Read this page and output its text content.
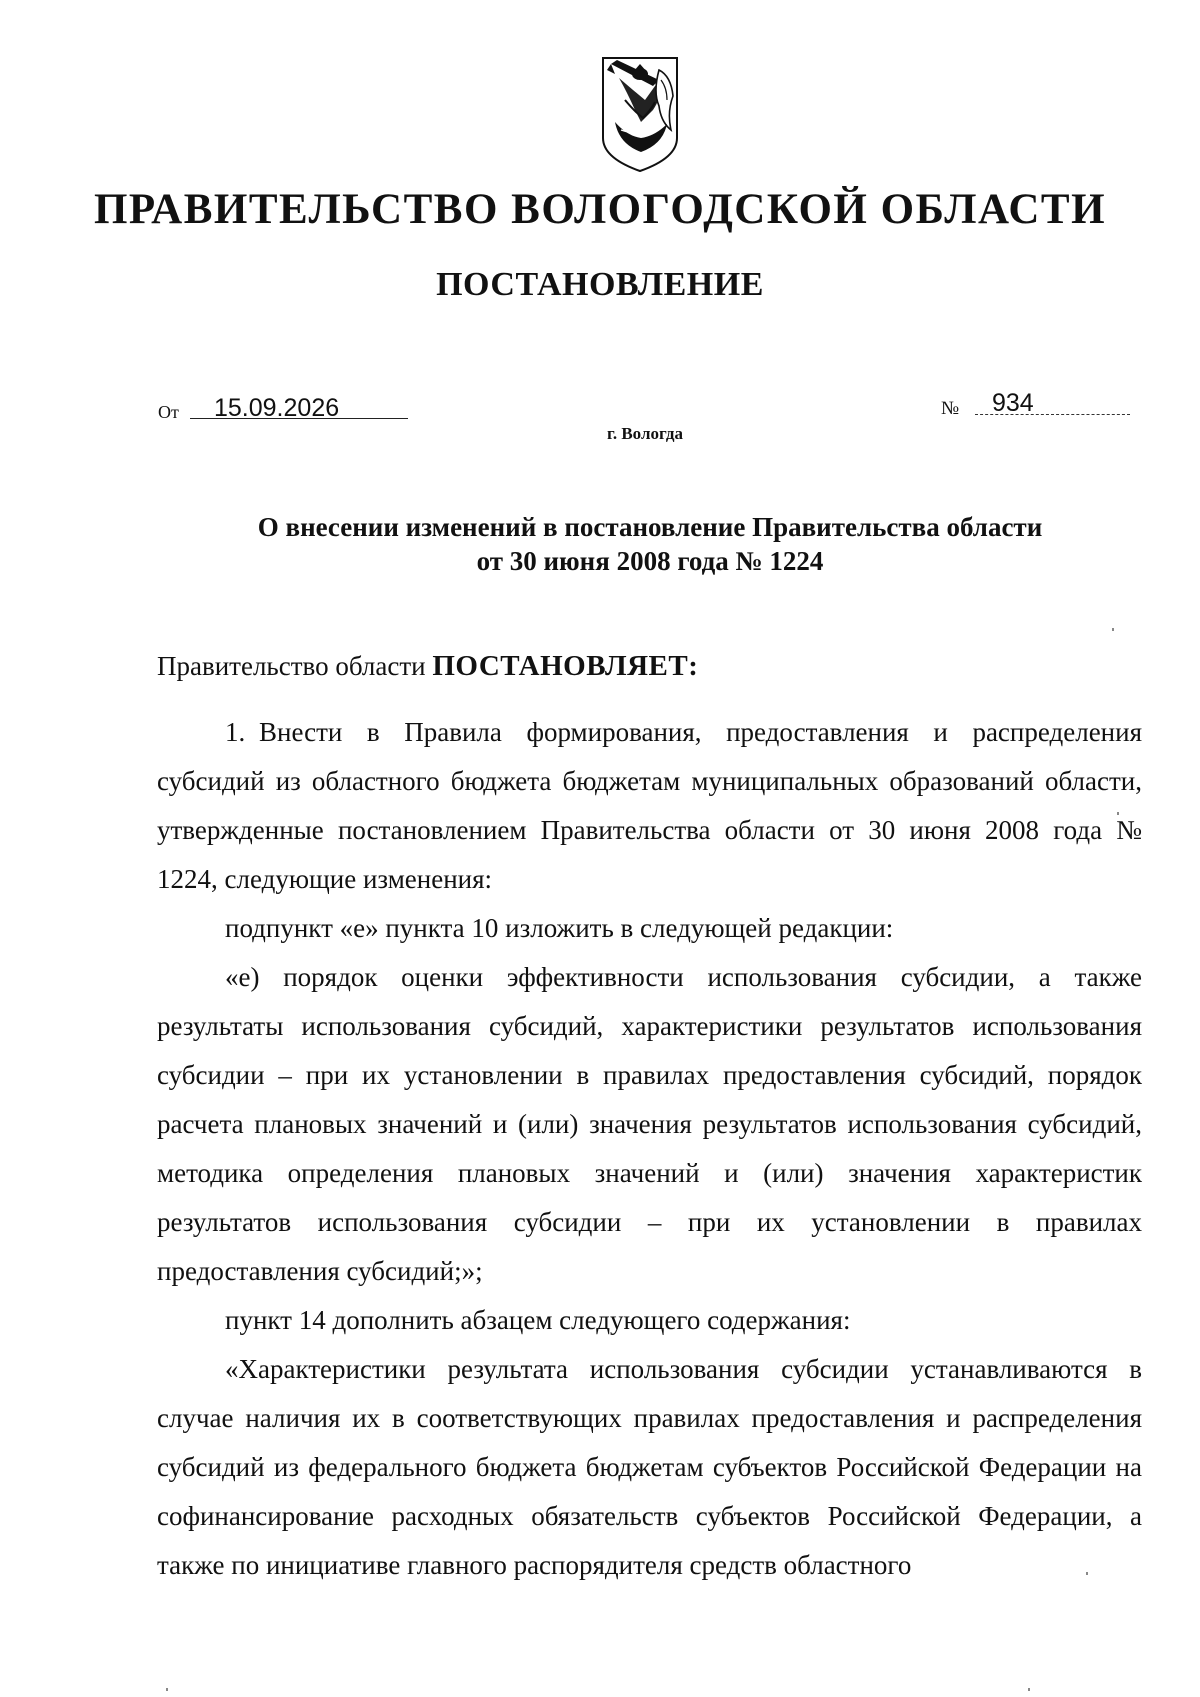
ПРАВИТЕЛЬСТВО ВОЛОГОДСКОЙ ОБЛАСТИ
ПОСТАНОВЛЕНИЕ
От 15.09.2026	№ 934
г. Вологда
О внесении изменений в постановление Правительства области
от 30 июня 2008 года № 1224
Правительство области ПОСТАНОВЛЯЕТ:

1. Внести в Правила формирования, предоставления и распределения субсидий из областного бюджета бюджетам муниципальных образований области, утвержденные постановлением Правительства области от 30 июня 2008 года № 1224, следующие изменения:

подпункт «е» пункта 10 изложить в следующей редакции:

«е) порядок оценки эффективности использования субсидии, а также результаты использования субсидий, характеристики результатов использования субсидии – при их установлении в правилах предоставления субсидий, порядок расчета плановых значений и (или) значения результатов использования субсидий, методика определения плановых значений и (или) значения характеристик результатов использования субсидии – при их установлении в правилах предоставления субсидий;»;

пункт 14 дополнить абзацем следующего содержания:

«Характеристики результата использования субсидии устанавливаются в случае наличия их в соответствующих правилах предоставления и распределения субсидий из федерального бюджета бюджетам субъектов Российской Федерации на софинансирование расходных обязательств субъектов Российской Федерации, а также по инициативе главного распорядителя средств областного
